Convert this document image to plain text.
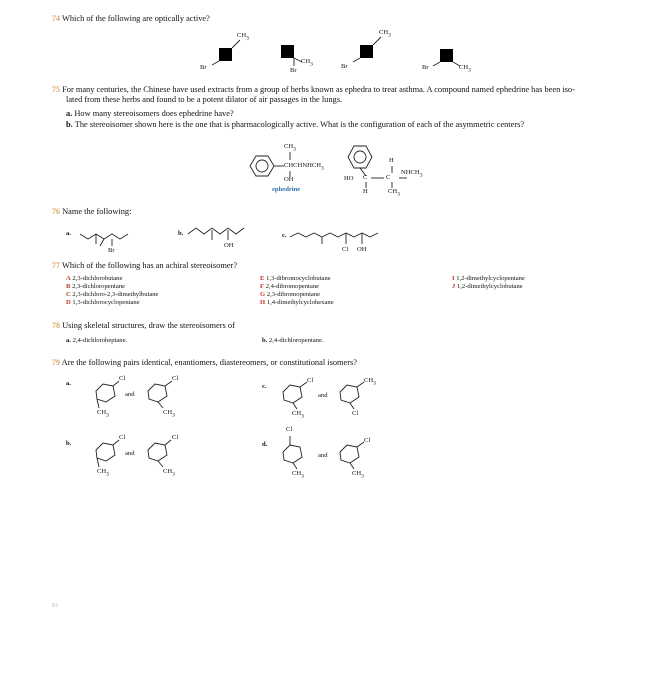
74 Which of the following are optically active?
$CH_3$
Br
$CH_3$
Br
Br
$CH_3$
Br	$CH_3$
75 For many centuries, the Chinese have used extracts from a group of herbs known as ephedra to treat asthma. A compound named ephedrine has been iso-
lated from these herbs and found to be a potent dilator of air passages in the lungs.
a. How many stereoisomers does ephedrine have?
b. The stereoisomer shown here is the one that is pharmacologically active. What is the configuration of each of the asymmetric centers?
$CH_3$
$CHCHNHCH_3$
OH
ephedrine
H
HO C	C
$NHCH_3$
H	$CH_3$
76 Name the following:
a.	b.	c.
Br
OH
Cl OH
77 Which of the following has an achiral stereoisomer?
A 2,3-dichlorobutane
B 2,3-dichloropentane
C 2,3-dichloro-2,3-dimethylbutane
D 1,3-dichlorocyclopentane
E 1,3-dibromocyclobutane
F 2,4-dibromopentane
G 2,3-dibromopentane
H 1,4-dimethylcyclohexane
I 1,2-dimethylcyclopentane
J 1,2-dimethylcyclobutane
78 Using skeletal structures, draw the stereoisomers of
a. 2,4-dichloroheptane.	b. 2,4-dichloropentane.
79 Are the following pairs identical, enantiomers, diastereomers, or constitutional isomers?
a.
Cl
and
Cl
$CH_3$	$CH_3$
c.
Cl
and
$CH_3$
$CH_3$	Cl
b.
Cl
and
Cl
$CH_3$	$CH_3$
d.
Cl
and
Cl
$CH_3$	$CH_3$
81
